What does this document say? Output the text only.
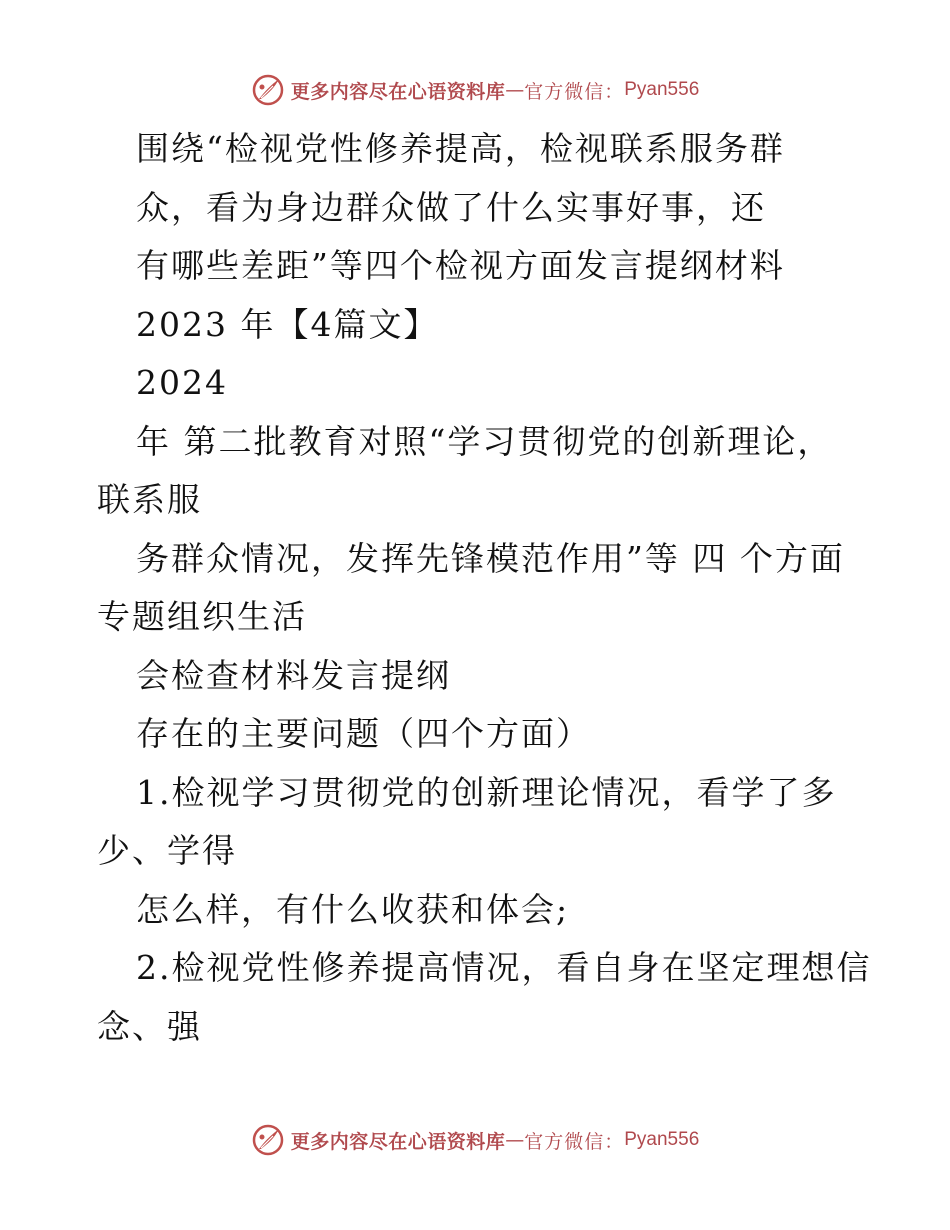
更多内容尽在心语资料库 — 官方微信： Pyan556
围绕“检视党性修养提高，检视联系服务群
众，看为身边群众做了什么实事好事，还
有哪些差距”等四个检视方面发言提纲材料
2023 年【4篇文】
2024
年 第二批教育对照“学习贯彻党的创新理论，
联系服
务群众情况，发挥先锋模范作用”等 四 个方面
专题组织生活
会检查材料发言提纲
存在的主要问题（四个方面）
1.检视学习贯彻党的创新理论情况，看学了多
少、学得
怎么样，有什么收获和体会;
2.检视党性修养提高情况，看自身在坚定理想信
念、强
更多内容尽在心语资料库 — 官方微信： Pyan556
